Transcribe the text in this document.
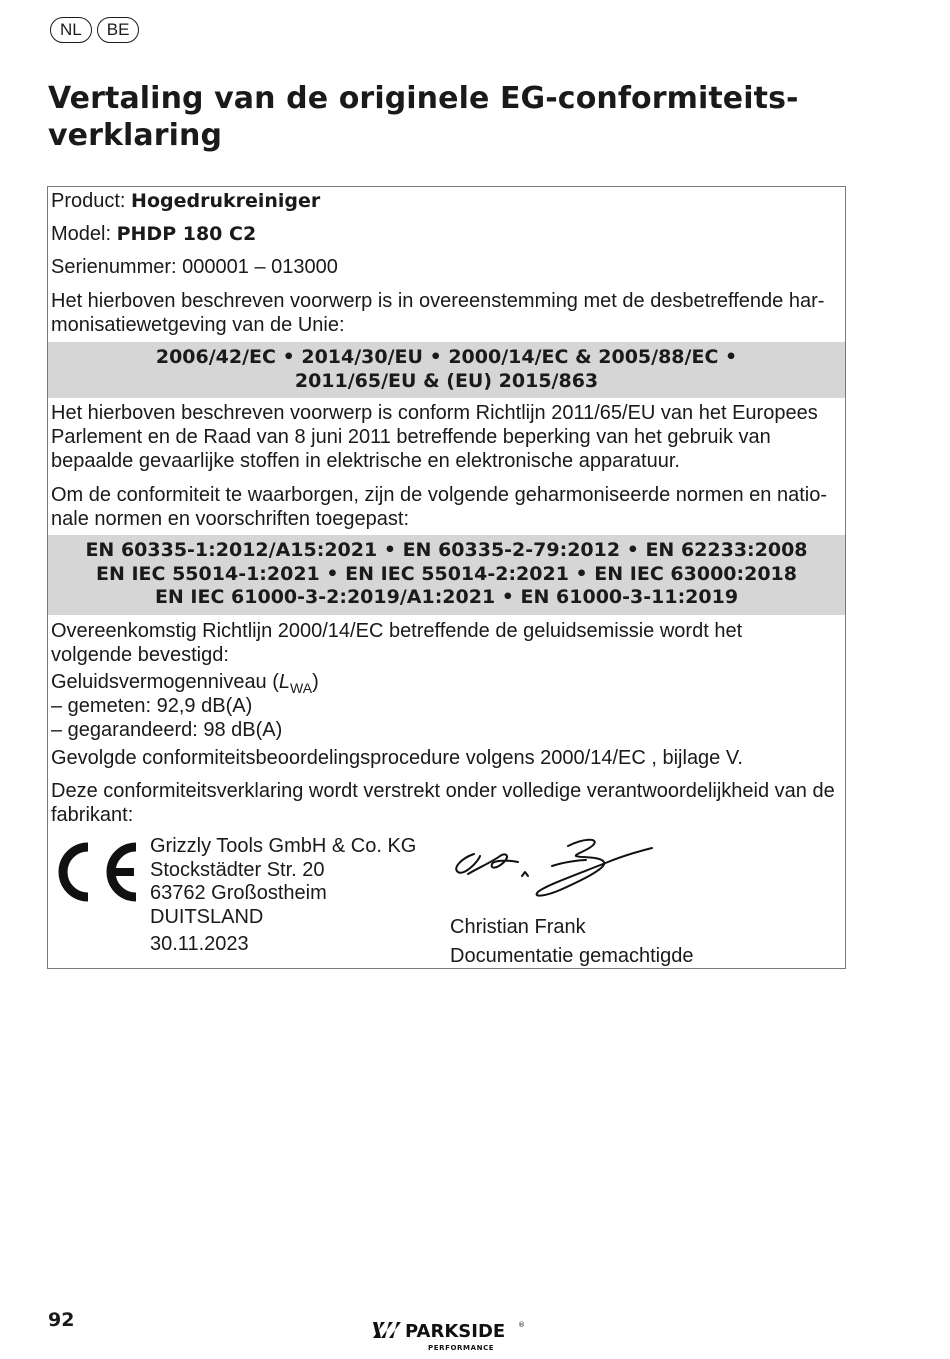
NL	BE
Vertaling van de originele EG-conformiteits-
verklaring

Product: Hogedrukreiniger

Model: PHDP 180 C2

Serienummer: 000001 – 013000

Het hierboven beschreven voorwerp is in overeenstemming met de desbetreffende har-
monisatiewetgeving van de Unie:

2006/42/EC • 2014/30/EU • 2000/14/EC & 2005/88/EC •
2011/65/EU & (EU) 2015/863

Het hierboven beschreven voorwerp is conform Richtlijn 2011/65/EU van het Europees
Parlement en de Raad van 8 juni 2011 betreffende beperking van het gebruik van
bepaalde gevaarlijke stoffen in elektrische en elektronische apparatuur.

Om de conformiteit te waarborgen, zijn de volgende geharmoniseerde normen en natio-
nale normen en voorschriften toegepast:

EN 60335-1:2012/A15:2021 • EN 60335-2-79:2012 • EN 62233:2008
EN IEC 55014-1:2021 • EN IEC 55014-2:2021 • EN IEC 63000:2018
EN IEC 61000-3-2:2019/A1:2021 • EN 61000-3-11:2019

Overeenkomstig Richtlijn 2000/14/EC betreffende de geluidsemissie wordt het
volgende bevestigd:

Geluidsvermogenniveau $(L_{WA})$

– gemeten: 92,9 dB(A)

– gegarandeerd: 98 dB(A)

Gevolgde conformiteitsbeoordelingsprocedure volgens 2000/14/EC , bijlage V.

Deze conformiteitsverklaring wordt verstrekt onder volledige verantwoordelijkheid van de
fabrikant:

Grizzly Tools GmbH & Co. KG
Stockstädter Str. 20
63762 Großostheim
DUITSLAND
30.11.2023
Christian Frank
Documentatie gemachtigde
92
PARKSIDE ®
PERFORMANCE
